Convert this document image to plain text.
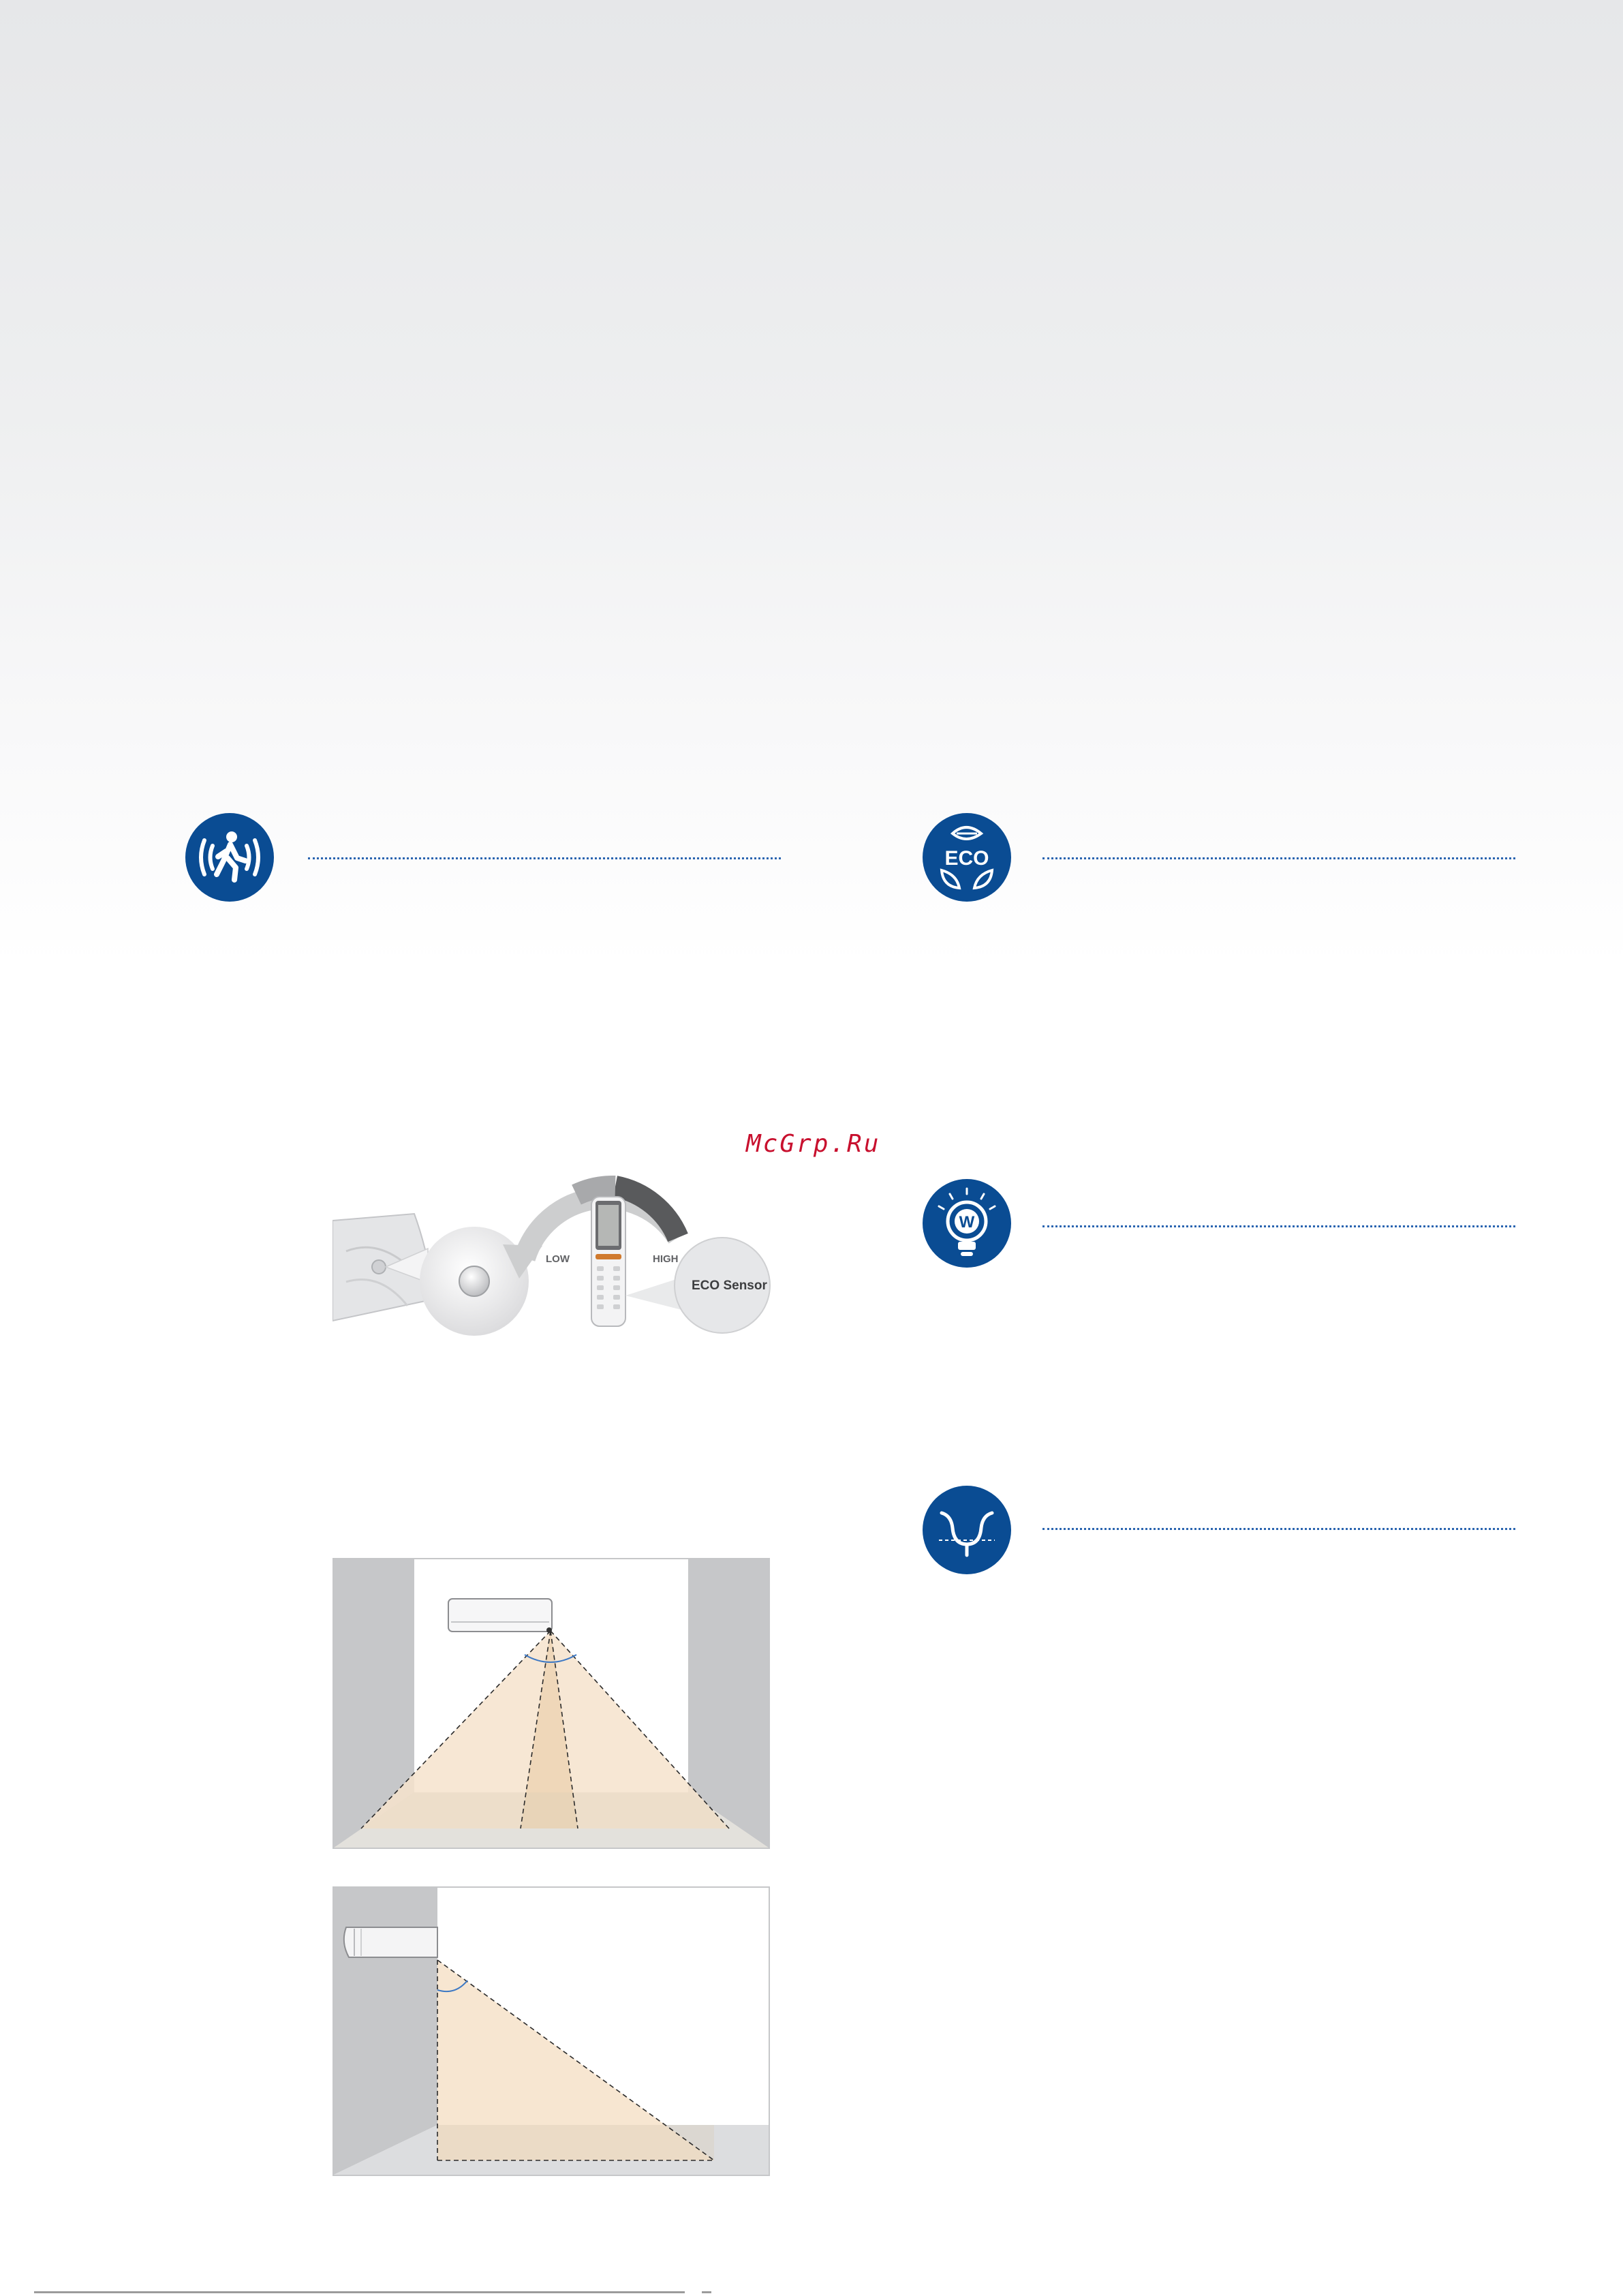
ECO
McGrp.Ru
W
LOW	HIGH
ECO Sensor
